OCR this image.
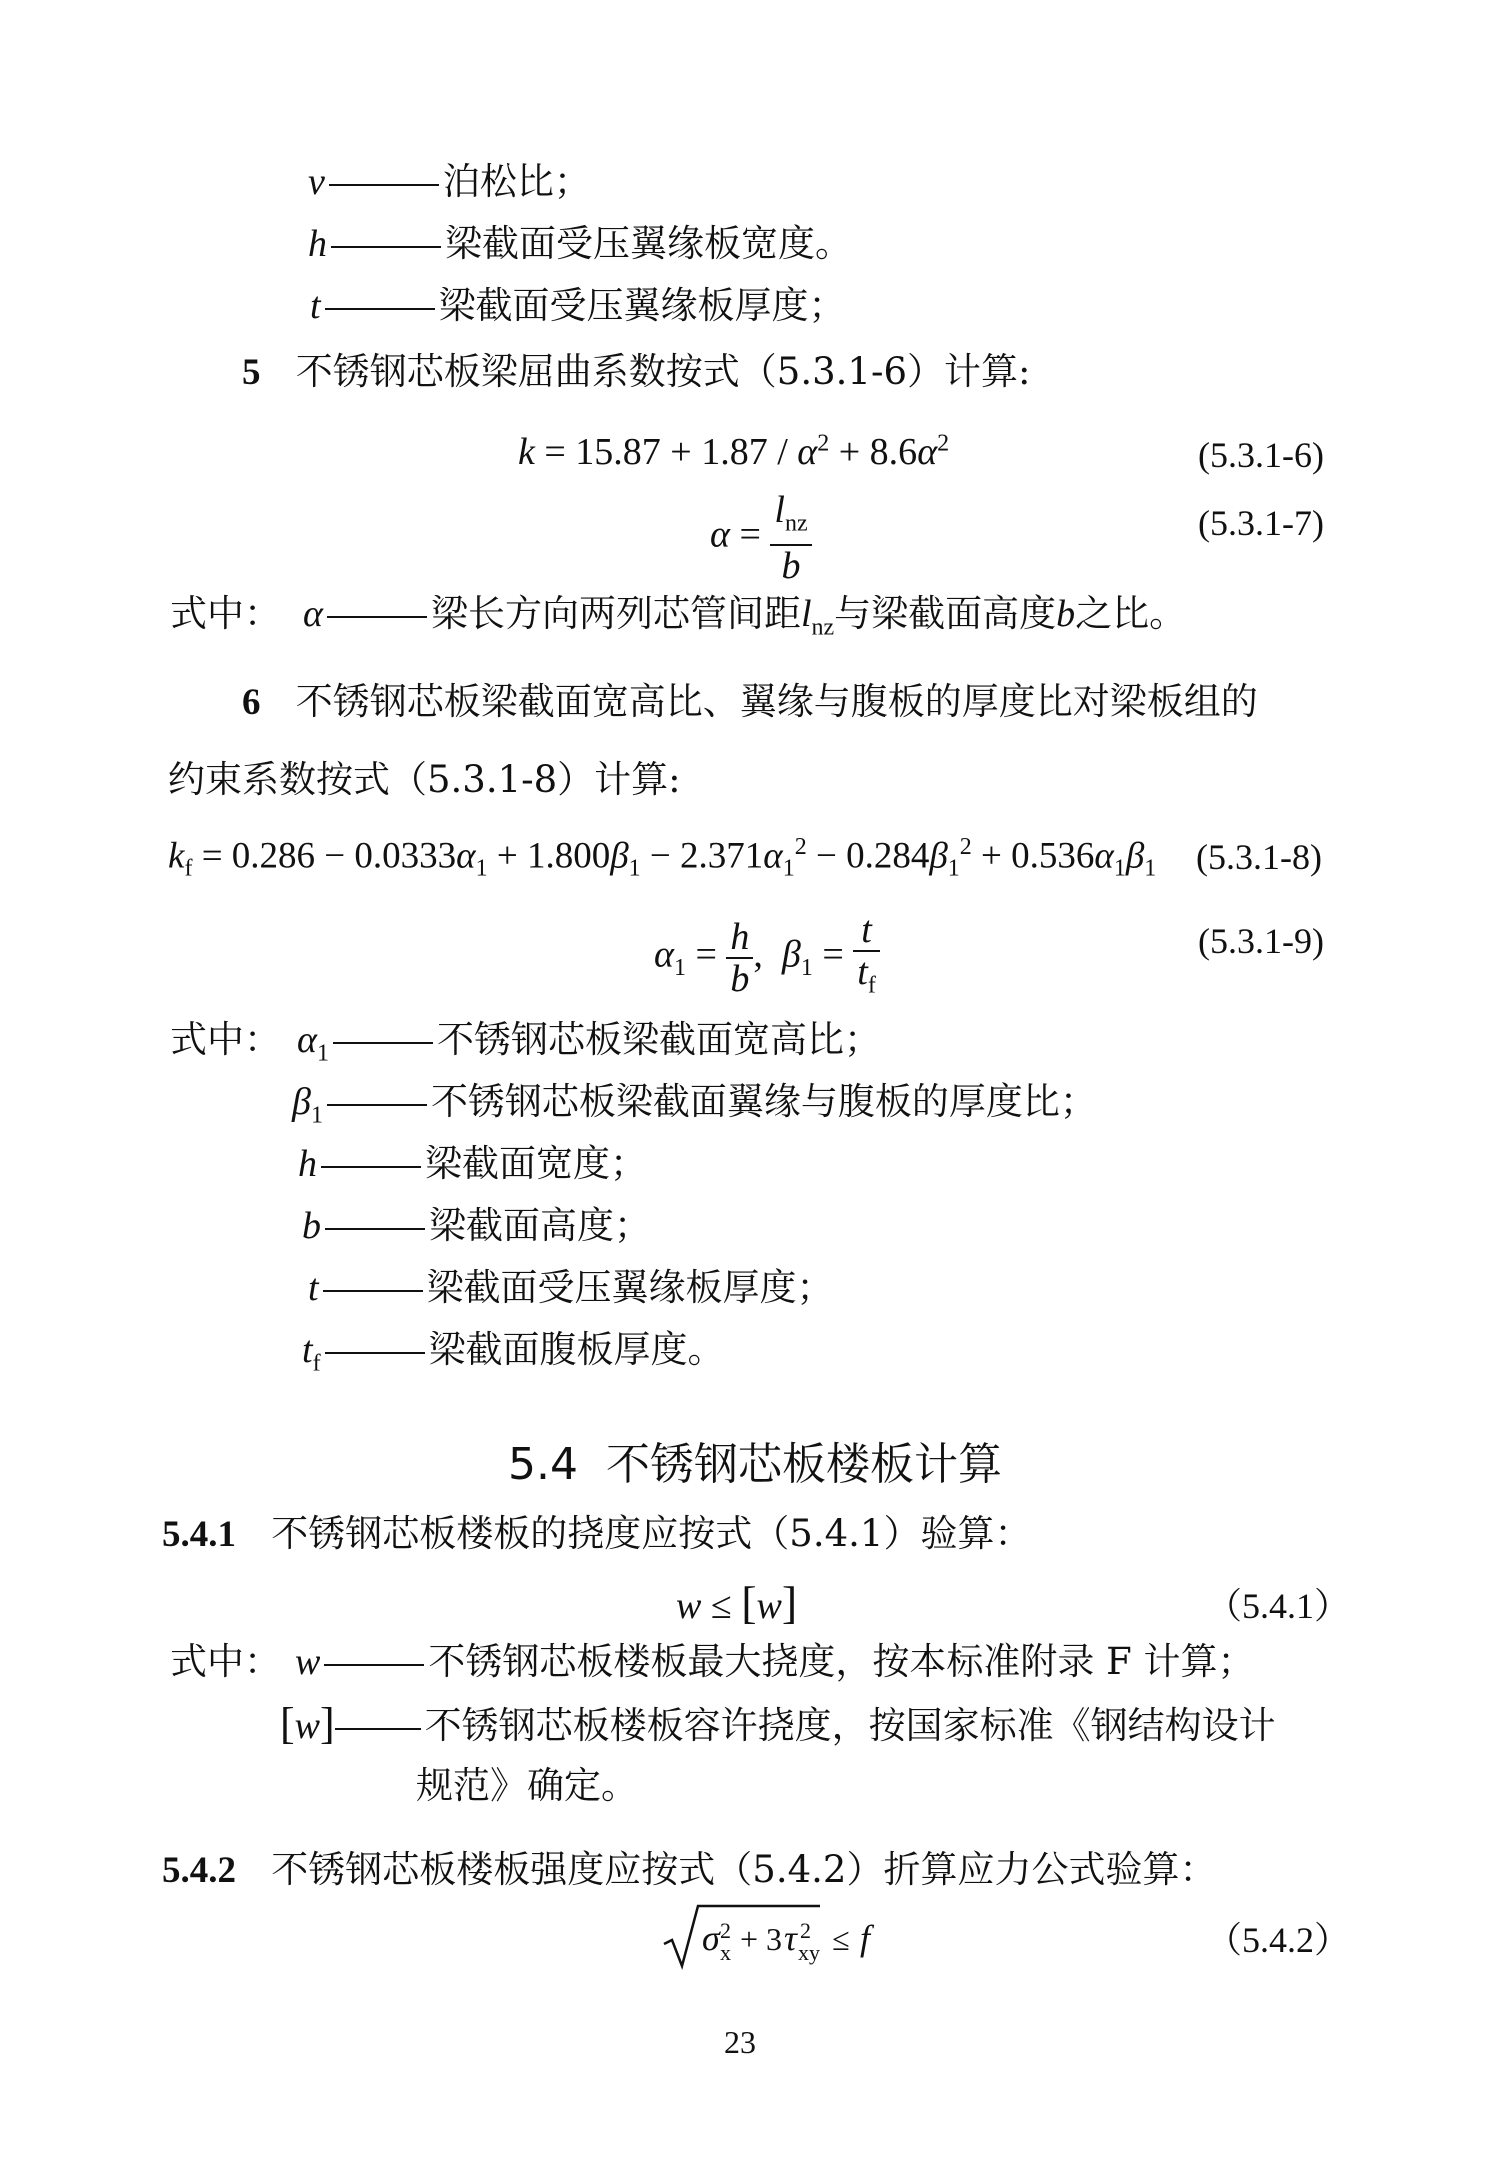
v	泊松比；
h	梁截面受压翼缘板宽度。
t	梁截面受压翼缘板厚度；
5 不锈钢芯板梁屈曲系数按式（5.3.1-6）计算:
$k = 15.87 + 1.87 / \alpha^2 + 8.6\alpha^2$	(5.3.1-6)
$\alpha = \frac{l_{nz}}{b}$	(5.3.1-7)
式中： α	梁长方向两列芯管间距$l_{nz}$与梁截面高度b之比。
6 不锈钢芯板梁截面宽高比、翼缘与腹板的厚度比对梁板组的
约束系数按式（5.3.1-8）计算:
$k_f = 0.286 - 0.0333\alpha_1 + 1.800\beta_1 - 2.371\alpha_1^2 - 0.284\beta_1^2 + 0.536\alpha_1\beta_1$ (5.3.1-8)
$\alpha_1 = \frac{h}{b}$ ,  $\beta_1 = \frac{t}{t_f}$	(5.3.1-9)
式中： $\alpha_1$	不锈钢芯板梁截面宽高比；
$\beta_1$	不锈钢芯板梁截面翼缘与腹板的厚度比；
h	梁截面宽度；
b	梁截面高度；
t	梁截面受压翼缘板厚度；
$t_f$	梁截面腹板厚度。
5.4 不锈钢芯板楼板计算
5.4.1 不锈钢芯板楼板的挠度应按式（5.4.1）验算：
w ≤ [w]	（5.4.1）
式中： w	不锈钢芯板楼板最大挠度，按本标准附录 F 计算；
[w] 不锈钢芯板楼板容许挠度，按国家标准《钢结构设计
规范》确定。
5.4.2 不锈钢芯板楼板强度应按式（5.4.2）折算应力公式验算：
σ 2
x + 3 τ 2
xy ≤ f	（5.4.2）
23
